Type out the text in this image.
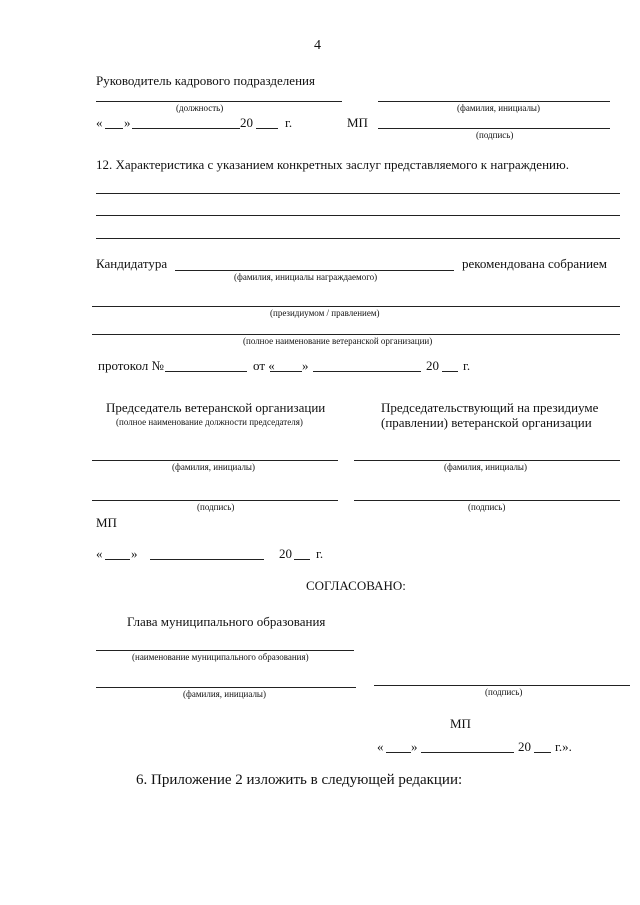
4
Руководитель кадрового подразделения
(должность)	(фамилия, инициалы)
« »	20 г.	МП
(подпись)
12. Характеристика с указанием конкретных заслуг представляемого к награждению.
Кандидатура	рекомендована собранием
(фамилия, инициалы награждаемого)
(президиумом / правлением)
(полное наименование ветеранской организации)
протокол №	от « »	20 г.
Председатель ветеранской организации
(полное наименование должности председателя)
Председательствующий на президиуме
(правлении) ветеранской организации
(фамилия, инициалы)	(фамилия, инициалы)
(подпись)	(подпись)
МП
« »	20 г.
СОГЛАСОВАНО:
Глава муниципального образования
(наименование муниципального образования)
(фамилия, инициалы)	(подпись)
МП
« »	20 г.».
6. Приложение 2 изложить в следующей редакции:
